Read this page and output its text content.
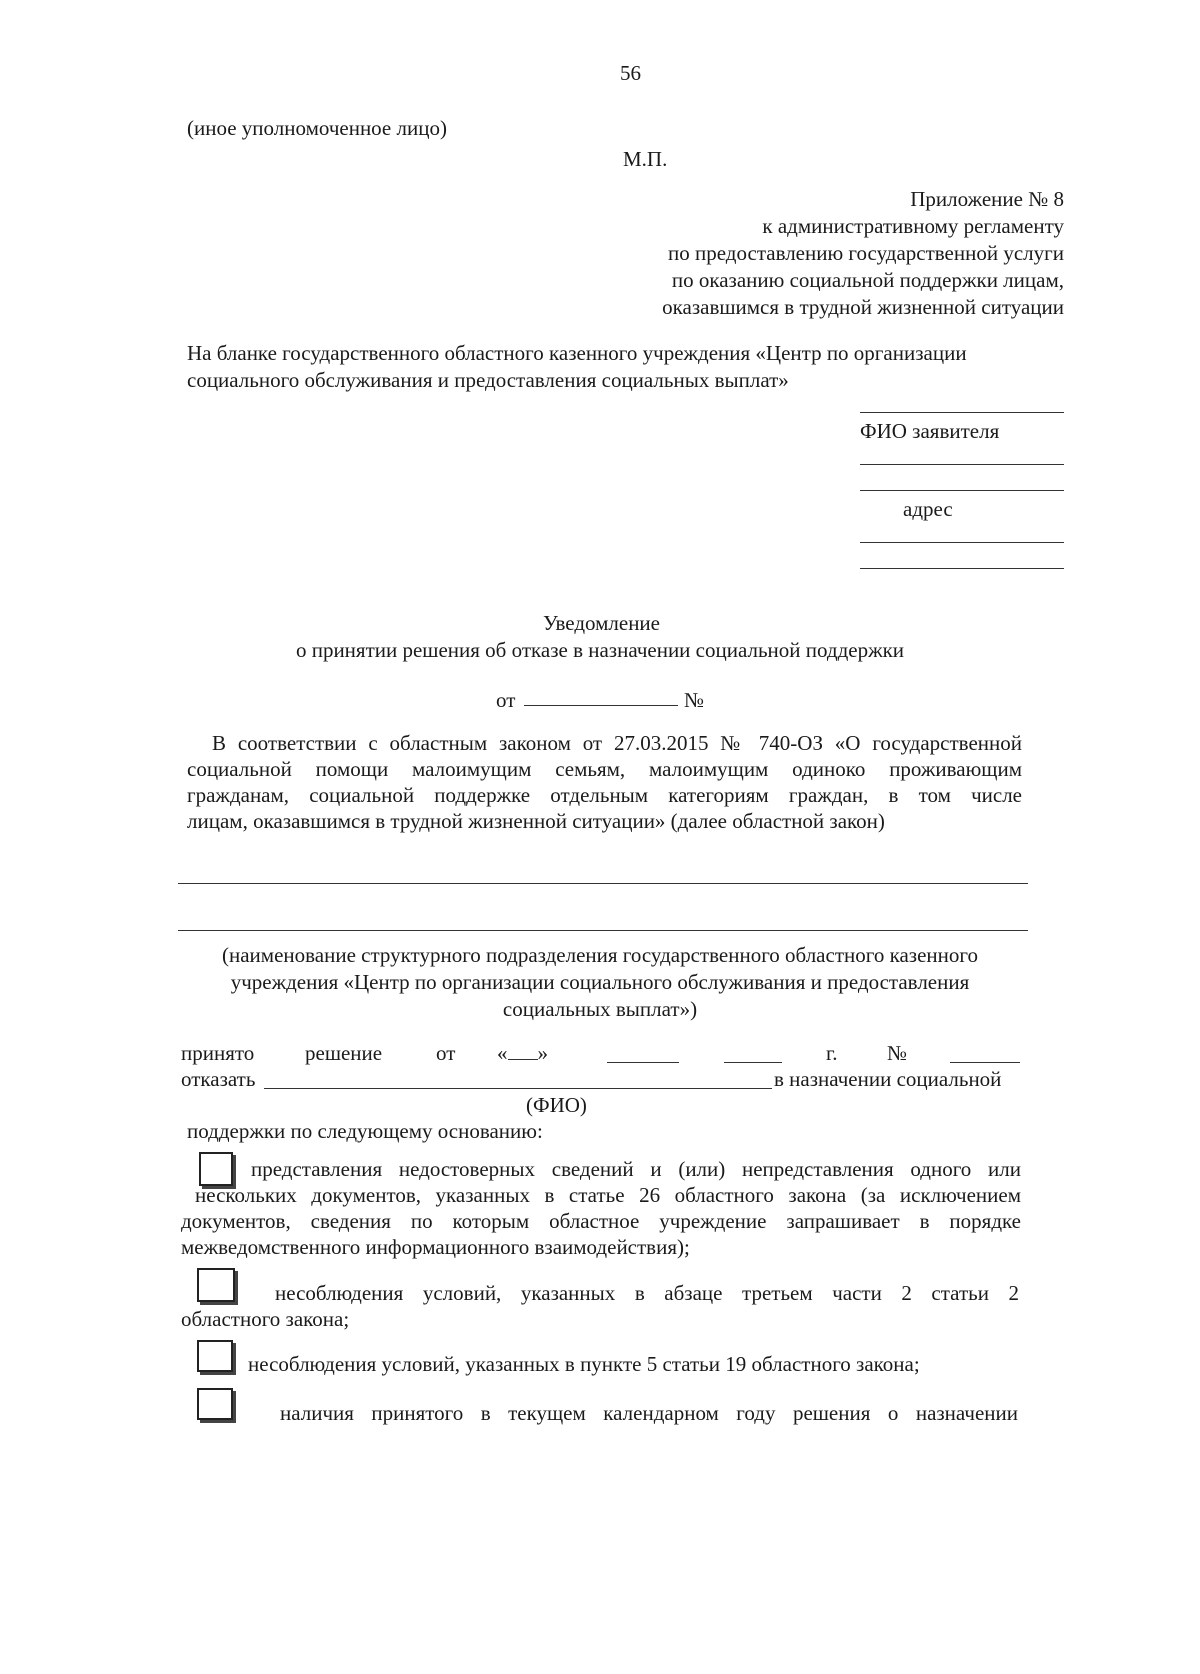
56
(иное уполномоченное лицо)
М.П.
Приложение № 8
к административному регламенту
по предоставлению государственной услуги
по оказанию социальной поддержки лицам,
оказавшимся в трудной жизненной ситуации
На бланке государственного областного казенного учреждения «Центр по организации
социального обслуживания и предоставления социальных выплат»
ФИО заявителя
адрес
Уведомление
о принятии решения об отказе в назначении социальной поддержки
от	№
В соответствии с областным законом от 27.03.2015 № 740-ОЗ «О государственной
социальной помощи малоимущим семьям, малоимущим одиноко проживающим
гражданам, социальной поддержке отдельным категориям граждан, в том числе
лицам, оказавшимся в трудной жизненной ситуации» (далее областной закон)
(наименование структурного подразделения государственного областного казенного
учреждения «Центр по организации социального обслуживания и предоставления
социальных выплат»)
принято решение	от « »	г. №
отказать	в назначении социальной
(ФИО)
поддержки по следующему основанию:
представления недостоверных сведений и (или) непредставления одного или
нескольких документов, указанных в статье 26 областного закона (за исключением
документов, сведения по которым областное учреждение запрашивает в порядке
межведомственного информационного взаимодействия);
несоблюдения условий, указанных в абзаце третьем части 2 статьи 2
областного закона;
несоблюдения условий, указанных в пункте 5 статьи 19 областного закона;
наличия принятого в текущем календарном году решения о назначении
